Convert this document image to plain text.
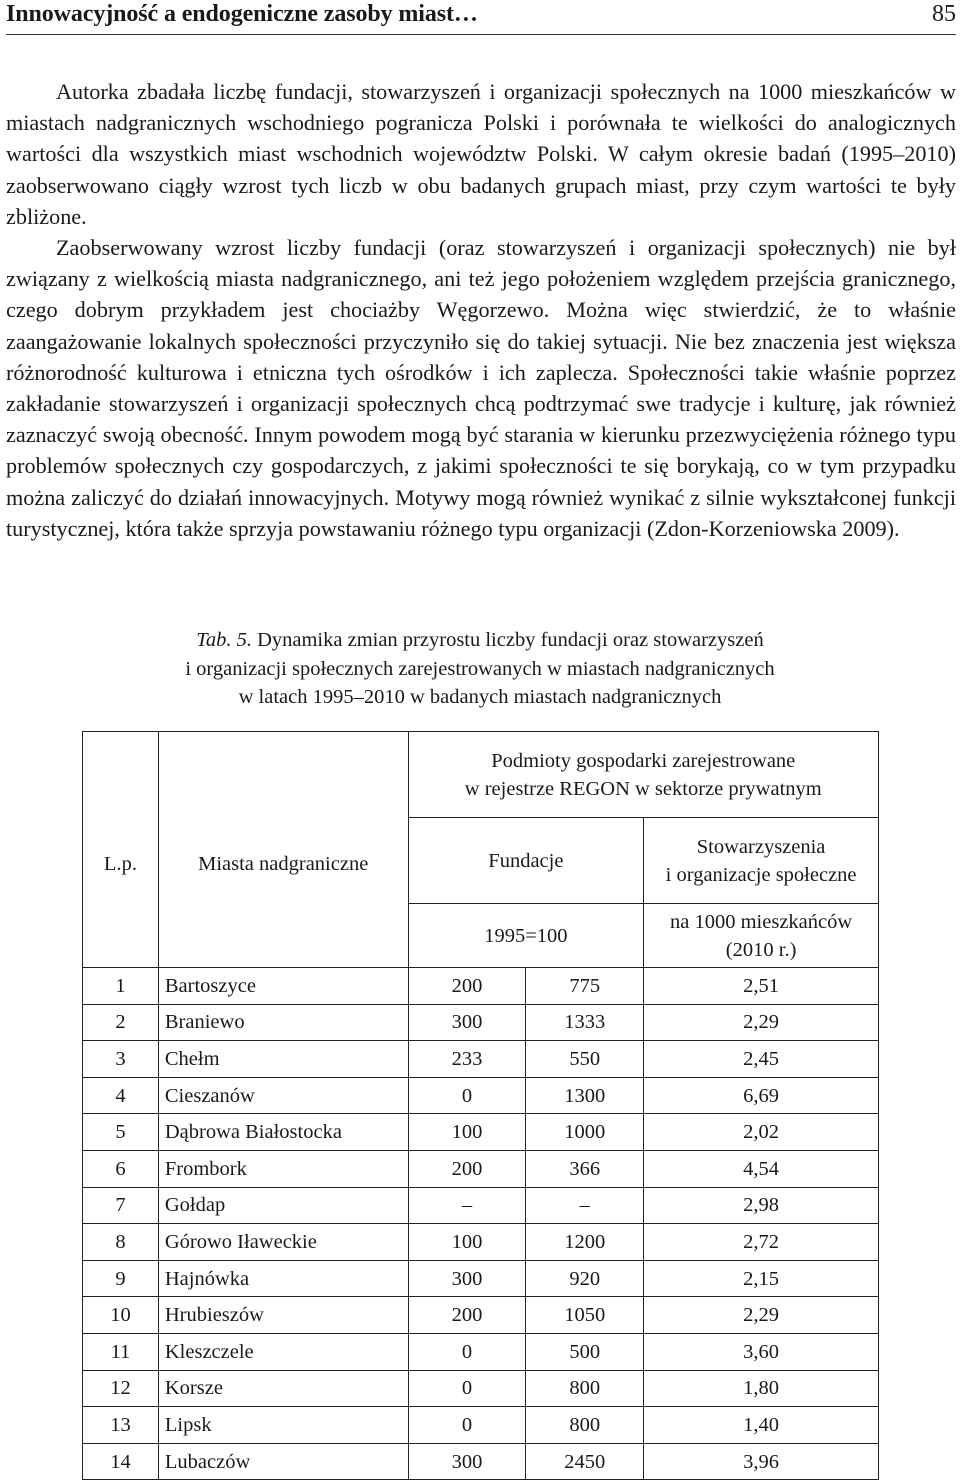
Innowacyjność a endogeniczne zasoby miast…	85

Autorka zbadała liczbę fundacji, stowarzyszeń i organizacji społecznych na 1000 mieszkańców w miastach nadgranicznych wschodniego pogranicza Polski i porównała te wielkości do analogicznych wartości dla wszystkich miast wschodnich województw Polski. W całym okresie badań (1995–2010) zaobserwowano ciągły wzrost tych liczb w obu badanych grupach miast, przy czym wartości te były zbliżone.

Zaobserwowany wzrost liczby fundacji (oraz stowarzyszeń i organizacji społecznych) nie był związany z wielkością miasta nadgranicznego, ani też jego położeniem względem przejścia granicznego, czego dobrym przykładem jest chociażby Węgorzewo. Można więc stwierdzić, że to właśnie zaangażowanie lokalnych społeczności przyczyniło się do takiej sytuacji. Nie bez znaczenia jest większa różnorodność kulturowa i etniczna tych ośrodków i ich zaplecza. Społeczności takie właśnie poprzez zakładanie stowarzyszeń i organizacji społecznych chcą podtrzymać swe tradycje i kulturę, jak również zaznaczyć swoją obecność. Innym powodem mogą być starania w kierunku przezwyciężenia różnego typu problemów społecznych czy gospodarczych, z jakimi społeczności te się borykają, co w tym przypadku można zaliczyć do działań innowacyjnych. Motywy mogą również wynikać z silnie wykształconej funkcji turystycznej, która także sprzyja powstawaniu różnego typu organizacji (Zdon-Korzeniowska 2009).

Tab. 5. Dynamika zmian przyrostu liczby fundacji oraz stowarzyszeń
i organizacji społecznych zarejestrowanych w miastach nadgranicznych
w latach 1995–2010 w badanych miastach nadgranicznych
		Podmioty gospodarki zarejestrowane
w rejestrze REGON w sektorze prywatnym		
		Fundacje		Stowarzyszenia
i organizacje społeczne

L.p.	Miasta nadgraniczne	1995=100		na 1000 mieszkańców
(2010 r.)
1	Bartoszyce	200	775	2,51
2	Braniewo	300	1333	2,29
3	Chełm	233	550	2,45
4	Cieszanów	0	1300	6,69
5	Dąbrowa Białostocka	100	1000	2,02
6	Frombork	200	366	4,54
7	Gołdap	–	–	2,98
8	Górowo Iławeckie	100	1200	2,72
9	Hajnówka	300	920	2,15
10	Hrubieszów	200	1050	2,29
11	Kleszczele	0	500	3,60
12	Korsze	0	800	1,80
13	Lipsk	0	800	1,40
14	Lubaczów	300	2450	3,96
